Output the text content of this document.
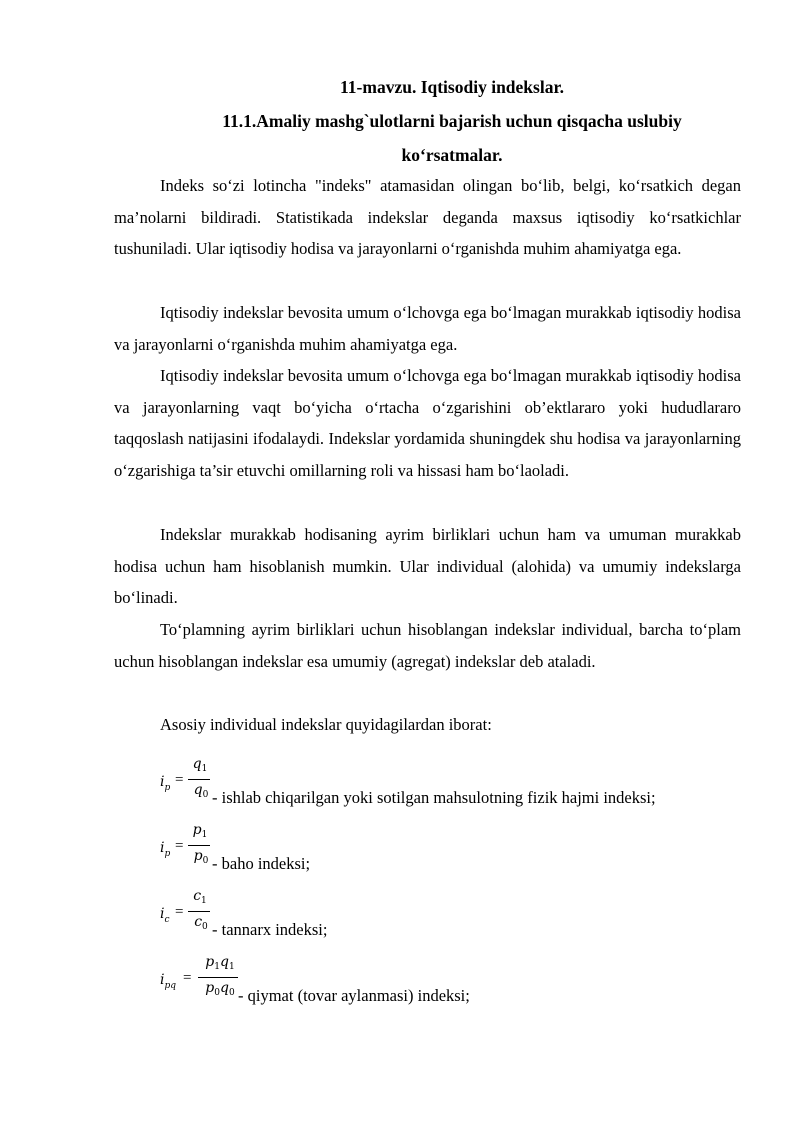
11-mavzu. Iqtisodiy indekslar.
11.1.Amaliy mashg`ulotlarni bajarish uchun qisqacha uslubiy
ko‘rsatmalar.

Indeks so‘zi lotincha "indeks" atamasidan olingan bo‘lib, belgi, ko‘rsatkich degan ma’nolarni bildiradi. Statistikada indekslar deganda maxsus iqtisodiy ko‘rsatkichlar tushuniladi. Ular iqtisodiy hodisa va jarayonlarni o‘rganishda muhim ahamiyatga ega.

Iqtisodiy indekslar bevosita umum o‘lchovga ega bo‘lmagan murakkab iqtisodiy hodisa va jarayonlarni o‘rganishda muhim ahamiyatga ega.

Iqtisodiy indekslar bevosita umum o‘lchovga ega bo‘lmagan murakkab iqtisodiy hodisa va jarayonlarning vaqt bo‘yicha o‘rtacha o‘zgarishini ob’ektlararo yoki hududlararo taqqoslash natijasini ifodalaydi. Indekslar yordamida shuningdek shu hodisa va jarayonlarning o‘zgarishiga ta’sir etuvchi omillarning roli va hissasi ham bo‘laoladi.

Indekslar murakkab hodisaning ayrim birliklari uchun ham va umuman murakkab hodisa uchun ham hisoblanish mumkin. Ular individual (alohida) va umumiy indekslarga bo‘linadi.

To‘plamning ayrim birliklari uchun hisoblangan indekslar individual, barcha to‘plam uchun hisoblangan indekslar esa umumiy (agregat) indekslar deb ataladi.

Asosiy individual indekslar quyidagilardan iborat:

$i_p$ =
$q_1$
$q_0$ - ishlab chiqarilgan yoki sotilgan mahsulotning fizik hajmi indeksi;
$i_p$ =
$p_1$
$p_0$ - baho indeksi;
$i_c$ =
$c_1$
$c_0$ - tannarx indeksi;
$i_{pq}$ =
$p_1q_1$
$p_0q_0$ - qiymat (tovar aylanmasi) indeksi;
